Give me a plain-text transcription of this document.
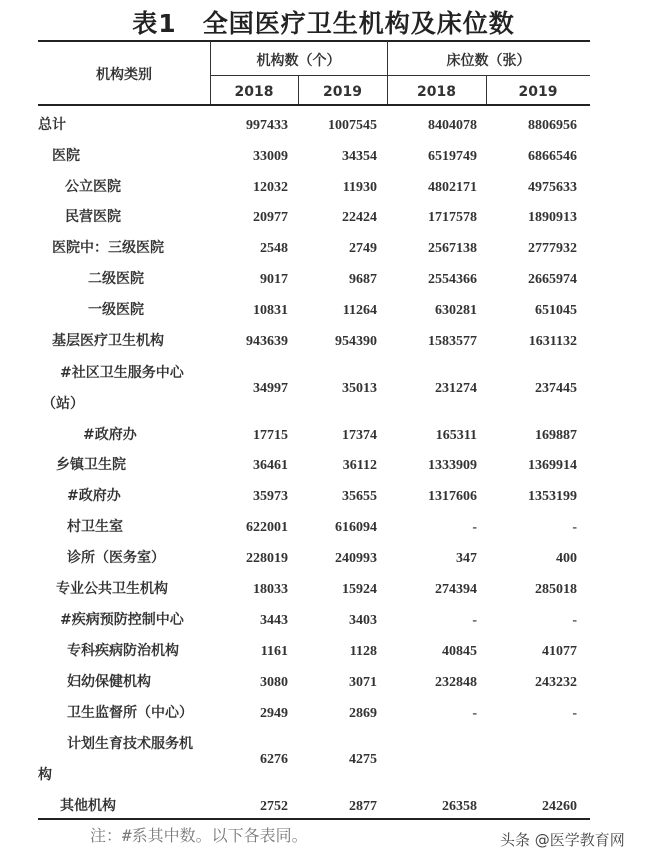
表1　全国医疗卫生机构及床位数
机构类别
机构数（个）	床位数（张）
2018	2019	2018	2019
总计	997433	1007545	8404078	8806956
医院	33009	34354	6519749	6866546
公立医院	12032	11930	4802171	4975633
民营医院	20977	22424	1717578	1890913
医院中：三级医院	2548	2749	2567138	2777932
二级医院	9017	9687	2554366	2665974
一级医院	10831	11264	630281	651045
基层医疗卫生机构	943639	954390	1583577	1631132
#社区卫生服务中心
（站）
34997	35013	231274	237445
#政府办	17715	17374	165311	169887
乡镇卫生院	36461	36112	1333909	1369914
#政府办	35973	35655	1317606	1353199
村卫生室	622001	616094	-	-
诊所（医务室）	228019	240993	347	400
专业公共卫生机构	18033	15924	274394	285018
#疾病预防控制中心	3443	3403	-	-
专科疾病防治机构	1161	1128	40845	41077
妇幼保健机构	3080	3071	232848	243232
卫生监督所（中心）	2949	2869	-	-
计划生育技术服务机
构
6276	4275
其他机构	2752	2877	26358	24260
注：#系其中数。以下各表同。	头条 @医学教育网
